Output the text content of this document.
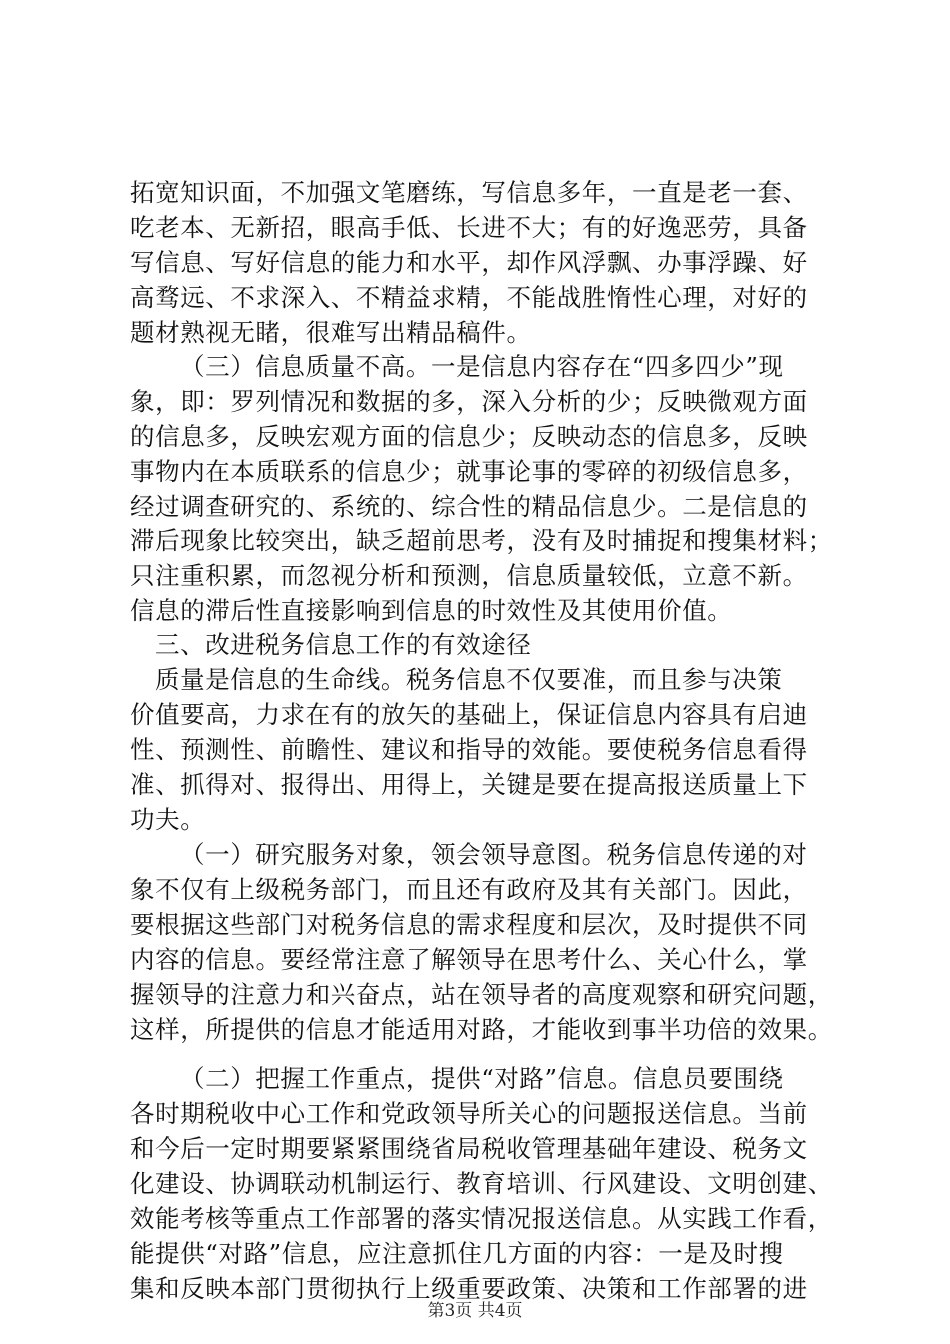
拓宽知识面，不加强文笔磨练，写信息多年，一直是老一套、
吃老本、无新招，眼高手低、长进不大；有的好逸恶劳，具备
写信息、写好信息的能力和水平，却作风浮飘、办事浮躁、好
高骛远、不求深入、不精益求精，不能战胜惰性心理，对好的
题材熟视无睹，很难写出精品稿件。
（三）信息质量不高。一是信息内容存在“四多四少”现
象，即：罗列情况和数据的多，深入分析的少；反映微观方面
的信息多，反映宏观方面的信息少；反映动态的信息多，反映
事物内在本质联系的信息少；就事论事的零碎的初级信息多，
经过调查研究的、系统的、综合性的精品信息少。二是信息的
滞后现象比较突出，缺乏超前思考，没有及时捕捉和搜集材料；
只注重积累，而忽视分析和预测，信息质量较低，立意不新。
信息的滞后性直接影响到信息的时效性及其使用价值。
三、改进税务信息工作的有效途径
质量是信息的生命线。税务信息不仅要准，而且参与决策
价值要高，力求在有的放矢的基础上，保证信息内容具有启迪
性、预测性、前瞻性、建议和指导的效能。要使税务信息看得
准、抓得对、报得出、用得上，关键是要在提高报送质量上下
功夫。
（一）研究服务对象，领会领导意图。税务信息传递的对
象不仅有上级税务部门，而且还有政府及其有关部门。因此，
要根据这些部门对税务信息的需求程度和层次，及时提供不同
内容的信息。要经常注意了解领导在思考什么、关心什么，掌
握领导的注意力和兴奋点，站在领导者的高度观察和研究问题，
这样，所提供的信息才能适用对路，才能收到事半功倍的效果。
（二）把握工作重点，提供“对路”信息。信息员要围绕
各时期税收中心工作和党政领导所关心的问题报送信息。当前
和今后一定时期要紧紧围绕省局税收管理基础年建设、税务文
化建设、协调联动机制运行、教育培训、行风建设、文明创建、
效能考核等重点工作部署的落实情况报送信息。从实践工作看，
能提供“对路”信息，应注意抓住几方面的内容：一是及时搜
集和反映本部门贯彻执行上级重要政策、决策和工作部署的进
第3页 共4页
